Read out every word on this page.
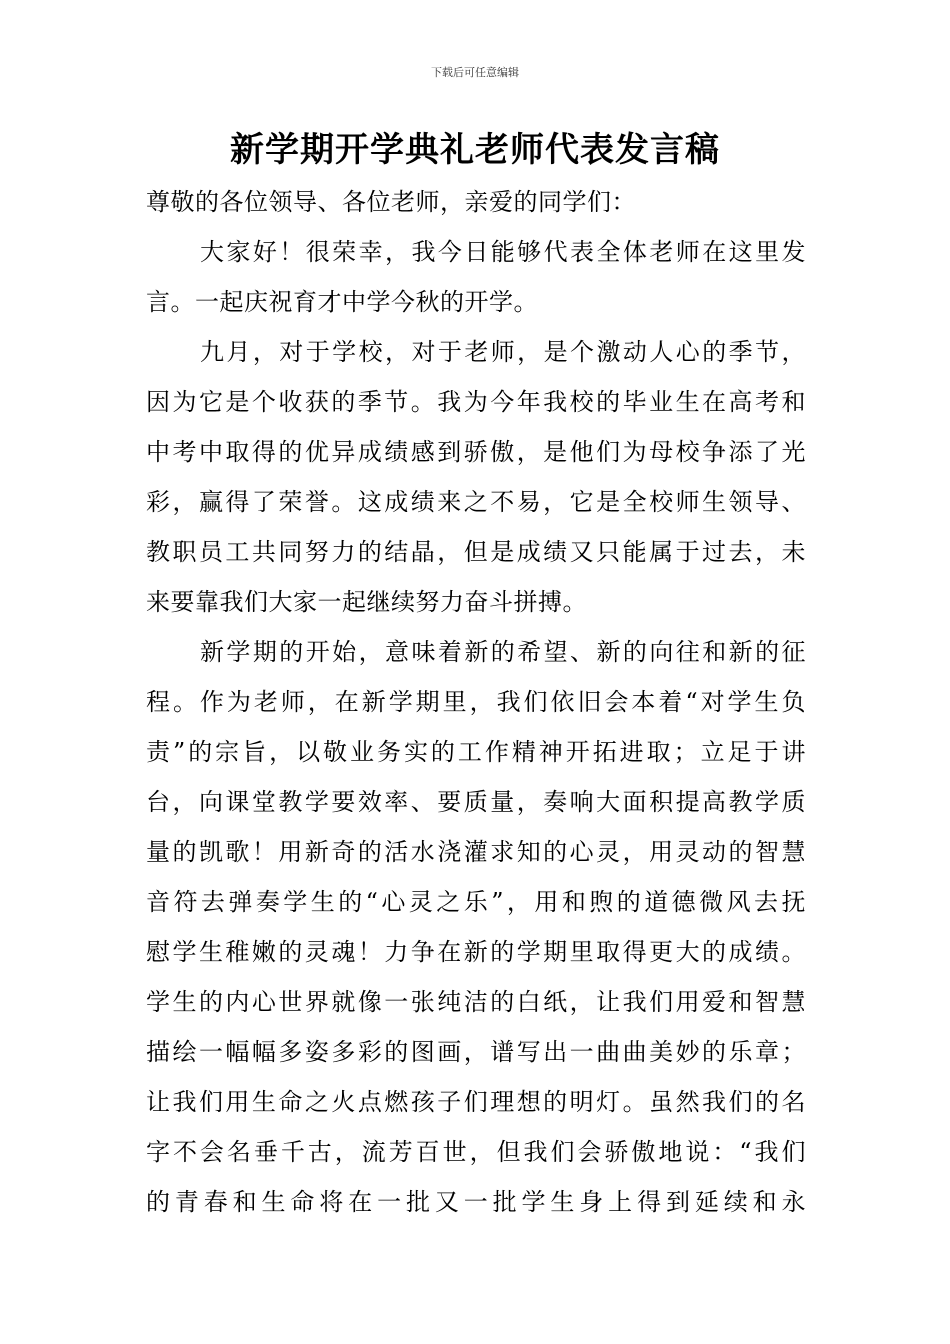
下载后可任意编辑
新学期开学典礼老师代表发言稿
尊敬的各位领导、各位老师，亲爱的同学们：
大家好！很荣幸，我今日能够代表全体老师在这里发
言。一起庆祝育才中学今秋的开学。
九月，对于学校，对于老师，是个激动人心的季节，
因为它是个收获的季节。我为今年我校的毕业生在高考和
中考中取得的优异成绩感到骄傲，是他们为母校争添了光
彩，赢得了荣誉。这成绩来之不易，它是全校师生领导、
教职员工共同努力的结晶，但是成绩又只能属于过去，未
来要靠我们大家一起继续努力奋斗拼搏。
新学期的开始，意味着新的希望、新的向往和新的征
程。作为老师，在新学期里，我们依旧会本着“对学生负
责”的宗旨，以敬业务实的工作精神开拓进取；立足于讲
台，向课堂教学要效率、要质量，奏响大面积提高教学质
量的凯歌！用新奇的活水浇灌求知的心灵，用灵动的智慧
音符去弹奏学生的“心灵之乐”，用和煦的道德微风去抚
慰学生稚嫩的灵魂！力争在新的学期里取得更大的成绩。
学生的内心世界就像一张纯洁的白纸，让我们用爱和智慧
描绘一幅幅多姿多彩的图画，谱写出一曲曲美妙的乐章；
让我们用生命之火点燃孩子们理想的明灯。虽然我们的名
字不会名垂千古，流芳百世，但我们会骄傲地说：“我们
的青春和生命将在一批又一批学生身上得到延续和永
